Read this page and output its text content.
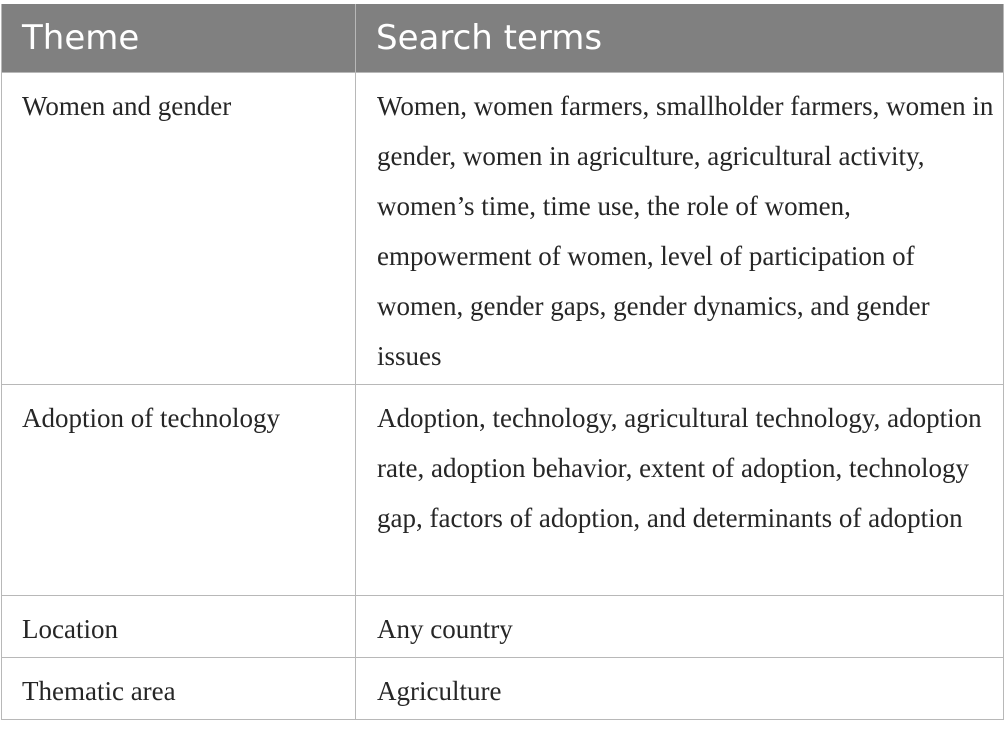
Theme	Search terms
Women and gender	Women, women farmers, smallholder farmers, women in gender, women in agriculture, agricultural activity, women’s time, time use, the role of women, empowerment of women, level of participation of women, gender gaps, gender dynamics, and gender issues
Adoption of technology	Adoption, technology, agricultural technology, adoption rate, adoption behavior, extent of adoption, technology gap, factors of adoption, and determinants of adoption
Location	Any country
Thematic area	Agriculture
